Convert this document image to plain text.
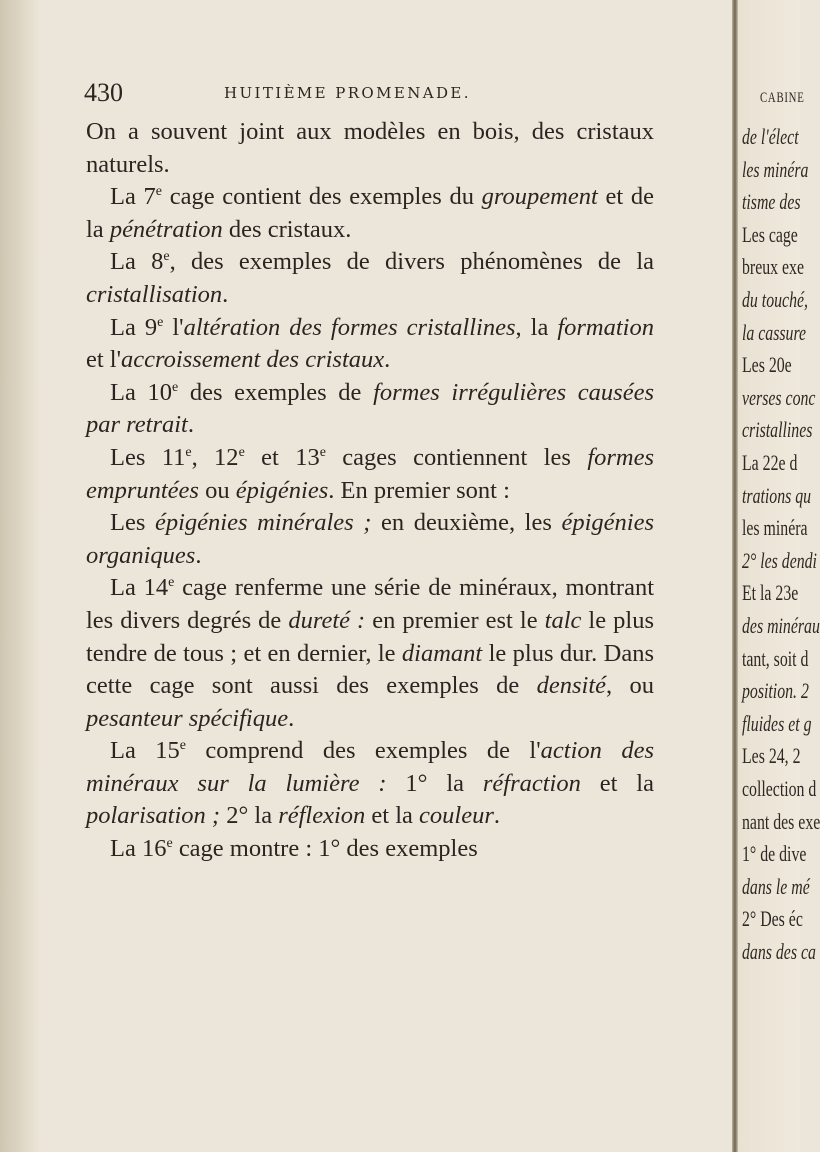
430	HUITIÈME PROMENADE.

On a souvent joint aux modèles en bois, des cristaux naturels.

La 7e cage contient des exemples du groupement et de la pénétration des cristaux.

La 8e, des exemples de divers phénomènes de la cristallisation.

La 9e l'altération des formes cristallines, la formation et l'accroissement des cristaux.

La 10e des exemples de formes irrégulières causées par retrait.

Les 11e, 12e et 13e cages contiennent les formes empruntées ou épigénies. En premier sont :

Les épigénies minérales ; en deuxième, les épigénies organiques.

La 14e cage renferme une série de minéraux, montrant les divers degrés de dureté : en premier est le talc le plus tendre de tous ; et en dernier, le diamant le plus dur. Dans cette cage sont aussi des exemples de densité, ou pesanteur spécifique.

La 15e comprend des exemples de l'action des minéraux sur la lumière : 1° la réfraction et la polarisation ; 2° la réflexion et la couleur.

La 16e cage montre : 1° des exemples

CABINE
de l'élect
les minéra
tisme des
Les cage
breux exe
du touché,
la cassure
Les 20e
verses conc
cristallines
La 22e d
trations qu
les minéra
2° les dendi
Et la 23e
des minérau
tant, soit d
position. 2
fluides et g
Les 24, 2
collection d
nant des exe
1° de dive
dans le mé
2° Des éc
dans des ca
